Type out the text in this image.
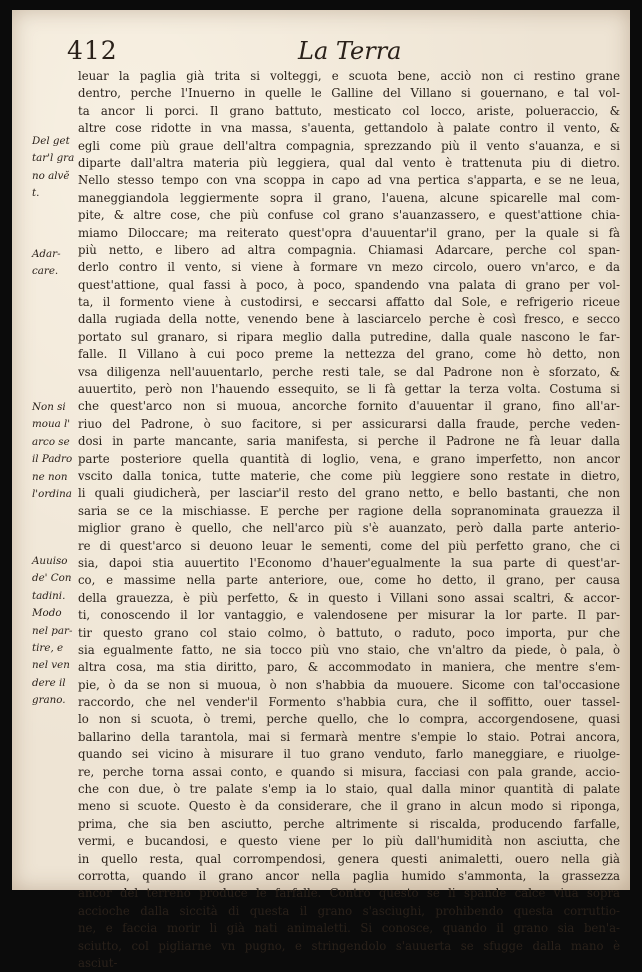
412	La Terra
Del get
tar'l gra
no alvĕ
t.
Adar-
care.
Non si
moua l'
arco se
il Padro
ne non
l'ordina
Auuiso
de' Con
tadini.
Modo
nel par-
tire, e
nel ven
dere il
grano.
leuar la paglia già trita si volteggi, e scuota bene, acciò non ci restino grane
dentro, perche l'Inuerno in quelle le Galline del Villano si gouernano, e tal vol-
ta ancor li porci. Il grano battuto, mesticato col locco, ariste, polueraccio, &
altre cose ridotte in vna massa, s'auenta, gettandolo à palate contro il vento, &
egli come più graue dell'altra compagnia, sprezzando più il vento s'auanza, e si
diparte dall'altra materia più leggiera, qual dal vento è trattenuta piu di dietro.
Nello stesso tempo con vna scoppa in capo ad vna pertica s'apparta, e se ne leua,
maneggiandola leggiermente sopra il grano, l'auena, alcune spicarelle mal com-
pite, & altre cose, che più confuse col grano s'auanzassero, e quest'attione chia-
miamo Diloccare; ma reiterato quest'opra d'auuentar'il grano, per la quale si fà
più netto, e libero ad altra compagnia. Chiamasi Adarcare, perche col span-
derlo contro il vento, si viene à formare vn mezo circolo, ouero vn'arco, e da
quest'attione, qual fassi à poco, à poco, spandendo vna palata di grano per vol-
ta, il formento viene à custodirsi, e seccarsi affatto dal Sole, e refrigerio riceue
dalla rugiada della notte, venendo bene à lasciarcelo perche è così fresco, e secco
portato sul granaro, si ripara meglio dalla putredine, dalla quale nascono le far-
falle. Il Villano à cui poco preme la nettezza del grano, come hò detto, non
vsa diligenza nell'auuentarlo, perche resti tale, se dal Padrone non è sforzato, &
auuertito, però non l'hauendo essequito, se li fà gettar la terza volta. Costuma si
che quest'arco non si muoua, ancorche fornito d'auuentar il grano, fino all'ar-
riuo del Padrone, ò suo facitore, si per assicurarsi dalla fraude, perche veden-
dosi in parte mancante, saria manifesta, si perche il Padrone ne fà leuar dalla
parte posteriore quella quantità di loglio, vena, e grano imperfetto, non ancor
vscito dalla tonica, tutte materie, che come più leggiere sono restate in dietro,
li quali giudicherà, per lasciar'il resto del grano netto, e bello bastanti, che non
saria se ce la mischiasse. E perche per ragione della sopranominata grauezza il
miglior grano è quello, che nell'arco più s'è auanzato, però dalla parte anterio-
re di quest'arco si deuono leuar le sementi, come del più perfetto grano, che ci
sia, dapoi stia auuertito l'Economo d'hauer'egualmente la sua parte di quest'ar-
co, e massime nella parte anteriore, oue, come ho detto, il grano, per causa
della grauezza, è più perfetto, & in questo i Villani sono assai scaltri, & accor-
ti, conoscendo il lor vantaggio, e valendosene per misurar la lor parte. Il par-
tir questo grano col staio colmo, ò battuto, o raduto, poco importa, pur che
sia egualmente fatto, ne sia tocco più vno staio, che vn'altro da piede, ò pala, ò
altra cosa, ma stia diritto, paro, & accommodato in maniera, che mentre s'em-
pie, ò da se non si muoua, ò non s'habbia da muouere. Sicome con tal'occasione
raccordo, che nel vender'il Formento s'habbia cura, che il soffitto, ouer tassel-
lo non si scuota, ò tremi, perche quello, che lo compra, accorgendosene, quasi
ballarino della tarantola, mai si fermarà mentre s'empie lo staio. Potrai ancora,
quando sei vicino à misurare il tuo grano venduto, farlo maneggiare, e riuolge-
re, perche torna assai conto, e quando si misura, facciasi con pala grande, accio-
che con due, ò tre palate s'emp ia lo staio, qual dalla minor quantità di palate
meno si scuote. Questo è da considerare, che il grano in alcun modo si riponga,
prima, che sia ben asciutto, perche altrimente si riscalda, producendo farfalle,
vermi, e bucandosi, e questo viene per lo più dall'humidità non asciutta, che
in quello resta, qual corrompendosi, genera questi animaletti, ouero nella già
corrotta, quando il grano ancor nella paglia humido s'ammonta, la grassezza
ancor del terreno produce le farfalle. Contro questo se li spande calce viua sopra
accioche dalla siccità di questa il grano s'asciughi, prohibendo questa corruttio-
ne, e faccia morir li già nati animaletti. Si conosce, quando il grano sia ben'a-
sciutto, col pigliarne vn pugno, e stringendolo s'auuerta se sfugge dalla mano è
asciut-
